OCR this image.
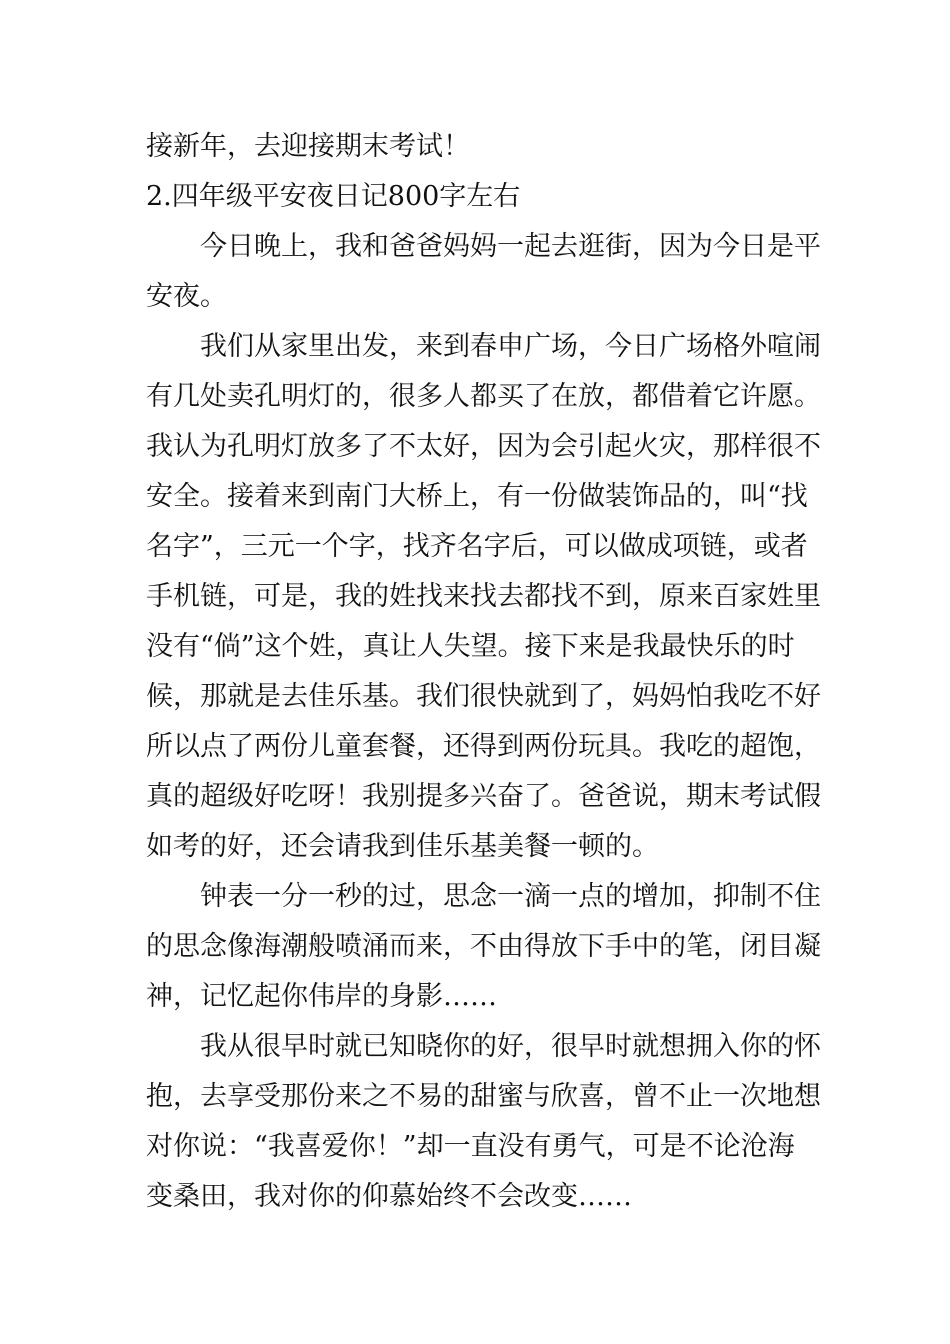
接新年，去迎接期末考试！
2.四年级平安夜日记800字左右
今日晚上，我和爸爸妈妈一起去逛街，因为今日是平
安夜。
我们从家里出发，来到春申广场，今日广场格外喧闹
有几处卖孔明灯的，很多人都买了在放，都借着它许愿。
我认为孔明灯放多了不太好，因为会引起火灾，那样很不
安全。接着来到南门大桥上，有一份做装饰品的，叫“找
名字”，三元一个字，找齐名字后，可以做成项链，或者
手机链，可是，我的姓找来找去都找不到，原来百家姓里
没有“倘”这个姓，真让人失望。接下来是我最快乐的时
候，那就是去佳乐基。我们很快就到了，妈妈怕我吃不好
所以点了两份儿童套餐，还得到两份玩具。我吃的超饱，
真的超级好吃呀！我别提多兴奋了。爸爸说，期末考试假
如考的好，还会请我到佳乐基美餐一顿的。
钟表一分一秒的过，思念一滴一点的增加，抑制不住
的思念像海潮般喷涌而来，不由得放下手中的笔，闭目凝
神，记忆起你伟岸的身影……
我从很早时就已知晓你的好，很早时就想拥入你的怀
抱，去享受那份来之不易的甜蜜与欣喜，曾不止一次地想
对你说：“我喜爱你！”却一直没有勇气，可是不论沧海
变桑田，我对你的仰慕始终不会改变……
